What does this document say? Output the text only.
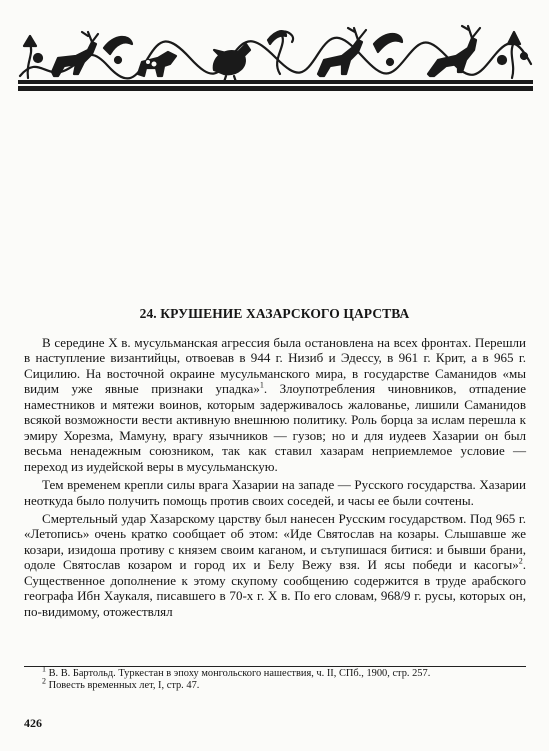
24. КРУШЕНИЕ ХАЗАРСКОГО ЦАРСТВА

В середине X в. мусульманская агрессия была остановлена на всех фронтах. Перешли в наступление византийцы, отвоевав в 944 г. Низиб и Эдессу, в 961 г. Крит, а в 965 г. Сицилию. На восточной окраине мусульманского мира, в государстве Саманидов «мы видим уже явные признаки упадка»$^1$. Злоупотребления чиновников, отпадение наместников и мятежи воинов, которым задерживалось жалованье, лишили Саманидов всякой возможности вести активную внешнюю политику. Роль борца за ислам перешла к эмиру Хорезма, Мамуну, врагу язычников — гузов; но и для иудеев Хазарии он был весьма ненадежным союзником, так как ставил хазарам неприемлемое условие — переход из иудейской веры в мусульманскую.

Тем временем крепли силы врага Хазарии на западе — Русского государства. Хазарии неоткуда было получить помощь против своих соседей, и часы ее были сочтены.

Смертельный удар Хазарскому царству был нанесен Русским государством. Под 965 г. «Летопись» очень кратко сообщает об этом: «Иде Святослав на козары. Слышавше же козари, изидоша противу с князем своим каганом, и сътупишася битися: и бывши брани, одоле Святослав козаром и город их и Белу Вежу взя. И ясы победи и касогы»$^2$. Существенное дополнение к этому скупому сообщению содержится в труде арабского географа Ибн Хаукаля, писавшего в 70-х г. X в. По его словам, 968/9 г. русы, которых он, по-видимому, отожествлял

$^1$ В. В. Бартольд. Туркестан в эпоху монгольского нашествия, ч. II, СПб., 1900, стр. 257.

$^2$ Повесть временных лет, I, стр. 47.

426
